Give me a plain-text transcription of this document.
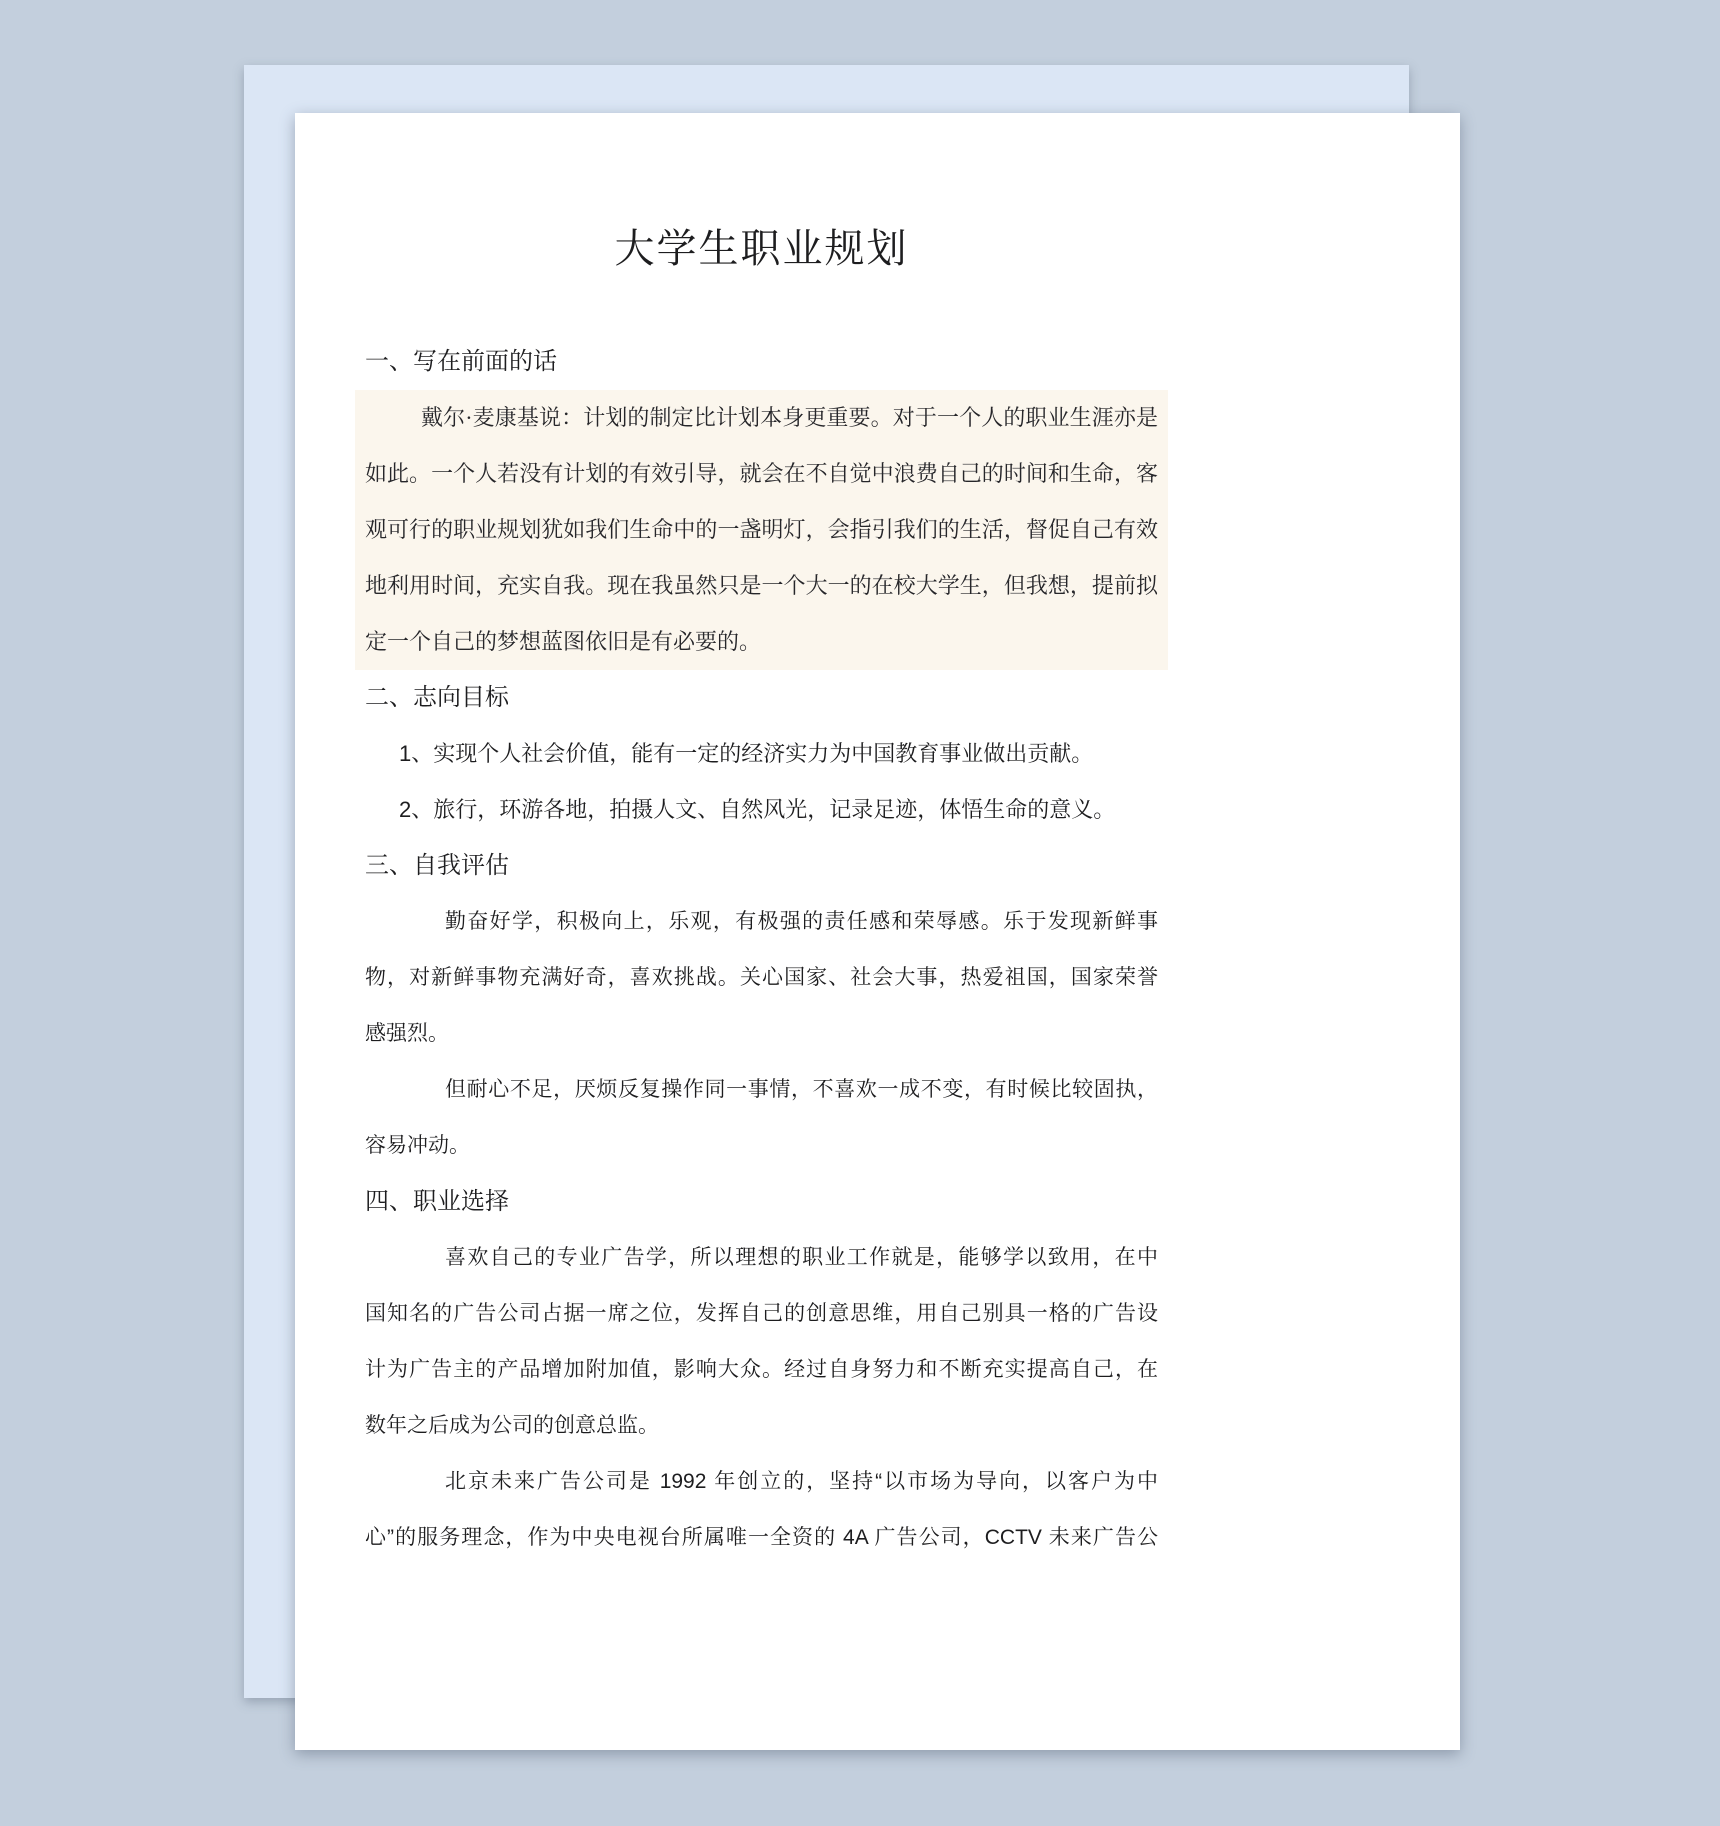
大学生职业规划
一、写在前面的话
戴尔·麦康基说：计划的制定比计划本身更重要。对于一个人的职业生涯亦是
如此。一个人若没有计划的有效引导，就会在不自觉中浪费自己的时间和生命，客
观可行的职业规划犹如我们生命中的一盏明灯，会指引我们的生活，督促自己有效
地利用时间，充实自我。现在我虽然只是一个大一的在校大学生，但我想，提前拟
定一个自己的梦想蓝图依旧是有必要的。
二、志向目标
1、实现个人社会价值，能有一定的经济实力为中国教育事业做出贡献。
2、旅行，环游各地，拍摄人文、自然风光，记录足迹，体悟生命的意义。
三、自我评估
勤奋好学，积极向上，乐观，有极强的责任感和荣辱感。乐于发现新鲜事
物，对新鲜事物充满好奇，喜欢挑战。关心国家、社会大事，热爱祖国，国家荣誉
感强烈。
但耐心不足，厌烦反复操作同一事情，不喜欢一成不变，有时候比较固执，
容易冲动。
四、职业选择
喜欢自己的专业广告学，所以理想的职业工作就是，能够学以致用，在中
国知名的广告公司占据一席之位，发挥自己的创意思维，用自己别具一格的广告设
计为广告主的产品增加附加值，影响大众。经过自身努力和不断充实提高自己，在
数年之后成为公司的创意总监。
北京未来广告公司是 1992 年创立的，坚持“以市场为导向，以客户为中
心”的服务理念，作为中央电视台所属唯一全资的 4A 广告公司，CCTV 未来广告公
